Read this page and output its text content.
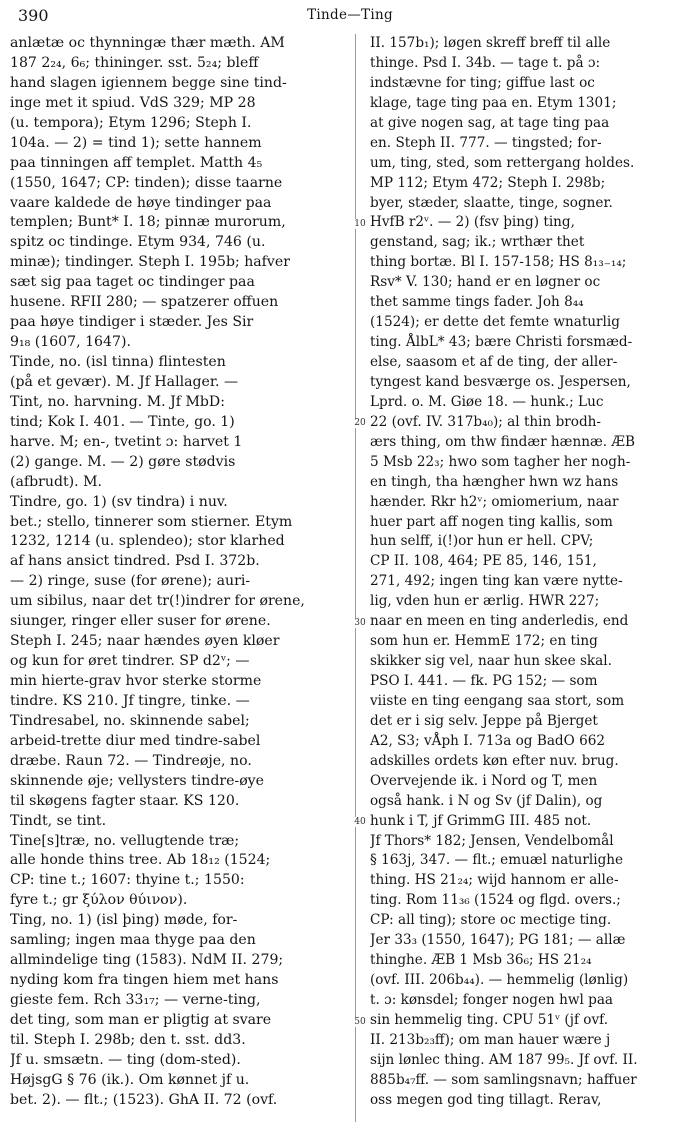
390	Tinde—Ting
anlætæ oc thynningæ thær mæth. AM
187 2₂₄, 6₆; thininger. sst. 5₂₄; bleff
hand slagen igiennem begge sine tind-
inge met it spiud. VdS 329; MP 28
(u. tempora); Etym 1296; Steph I.
104a. — 2) = tind 1); sette hannem
paa tinningen aff templet. Matth 4₅
(1550, 1647; CP: tinden); disse taarne
vaare kaldede de høye tindinger paa
templen; Bunt* I. 18; pinnæ murorum,
spitz oc tindinge. Etym 934, 746 (u.
minæ); tindinger. Steph I. 195b; hafver
sæt sig paa taget oc tindinger paa
husene. RFII 280; — spatzerer offuen
paa høye tindiger i stæder. Jes Sir
9₁₈ (1607, 1647).
Tinde, no. (isl tinna) flintesten
(på et gevær). M. Jf Hallager. —
Tint, no. harvning. M. Jf MbD:
tind; Kok I. 401. — Tinte, go. 1)
harve. M; en-, tvetint ɔ: harvet 1
(2) gange. M. — 2) gøre stødvis
(afbrudt). M.
Tindre, go. 1) (sv tindra) i nuv.
bet.; stello, tinnerer som stierner. Etym
1232, 1214 (u. splendeo); stor klarhed
af hans ansict tindred. Psd I. 372b.
— 2) ringe, suse (for ørene); auri-
um sibilus, naar det tr(!)indrer for ørene,
siunger, ringer eller suser for ørene.
Steph I. 245; naar hændes øyen kløer
og kun for øret tindrer. SP d2ᵛ; —
min hierte-grav hvor sterke storme
tindre. KS 210. Jf tingre, tinke. —
Tindresabel, no. skinnende sabel;
arbeid-trette diur med tindre-sabel
dræbe. Raun 72. — Tindreøje, no.
skinnende øje; vellysters tindre-øye
til skøgens fagter staar. KS 120.
Tindt, se tint.
Tine[s]træ, no. vellugtende træ;
alle honde thins tree. Ab 18₁₂ (1524;
CP: tine t.; 1607: thyine t.; 1550:
fyre t.; gr ξύλον θύινον).
Ting, no. 1) (isl þing) møde, for-
samling; ingen maa thyge paa den
allmindelige ting (1583). NdM II. 279;
nyding kom fra tingen hiem met hans
gieste fem. Rch 33₁₇; — verne-ting,
det ting, som man er pligtig at svare
til. Steph I. 298b; den t. sst. dd3.
Jf u. smsætn. — ting (dom-sted).
HøjsgG § 76 (ik.). Om kønnet jf u.
bet. 2). — flt.; (1523). GhA II. 72 (ovf.
II. 157b₁); løgen skreff breff til alle
thinge. Psd I. 34b. — tage t. på ɔ:
indstævne for ting; giffue last oc
klage, tage ting paa en. Etym 1301;
at give nogen sag, at tage ting paa
en. Steph II. 777. — tingsted; for-
um, ting, sted, som rettergang holdes.
MP 112; Etym 472; Steph I. 298b;
byer, stæder, slaatte, tinge, sogner.
HvfB r2ᵛ. — 2) (fsv þing) ting,
genstand, sag; ik.; wrthær thet
thing bortæ. Bl I. 157-158; HS 8₁₃₋₁₄;
Rsv* V. 130; hand er en løgner oc
thet samme tings fader. Joh 8₄₄
(1524); er dette det femte wnaturlig
ting. ÅlbL* 43; bære Christi forsmæd-
else, saasom et af de ting, der aller-
tyngest kand besværge os. Jespersen,
Lprd. o. M. Giøe 18. — hunk.; Luc
22 (ovf. IV. 317b₄₀); al thin brodh-
ærs thing, om thw findær hænnæ. ÆB
5 Msb 22₃; hwo som tagher her nogh-
en tingh, tha hængher hwn wz hans
hænder. Rkr h2ᵛ; omiomerium, naar
huer part aff nogen ting kallis, som
hun selff, i(!)or hun er hell. CPV;
CP II. 108, 464; PE 85, 146, 151,
271, 492; ingen ting kan være nytte-
lig, vden hun er ærlig. HWR 227;
naar en meen en ting anderledis, end
som hun er. HemmE 172; en ting
skikker sig vel, naar hun skee skal.
PSO I. 441. — fk. PG 152; — som
viiste en ting eengang saa stort, som
det er i sig selv. Jeppe på Bjerget
A2, S3; vÅph I. 713a og BadO 662
adskilles ordets køn efter nuv. brug.
Overvejende ik. i Nord og T, men
også hank. i N og Sv (jf Dalin), og
hunk i T, jf GrimmG III. 485 not.
Jf Thors* 182; Jensen, Vendelbomål
§ 163j, 347. — flt.; emuæl naturlighe
thing. HS 21₂₄; wijd hannom er alle-
ting. Rom 11₃₆ (1524 og flgd. overs.;
CP: all ting); store oc mectige ting.
Jer 33₃ (1550, 1647); PG 181; — allæ
thinghe. ÆB 1 Msb 36₆; HS 21₂₄
(ovf. III. 206b₄₄). — hemmelig (lønlig)
t. ɔ: kønsdel; fonger nogen hwl paa
sin hemmelig ting. CPU 51ᵛ (jf ovf.
II. 213b₂₃ff); om man hauer wære j
sijn lønlec thing. AM 187 99₅. Jf ovf. II.
885b₄₇ff. — som samlingsnavn; haffuer
oss megen god ting tillagt. Rerav,
10
20
30
40
50
